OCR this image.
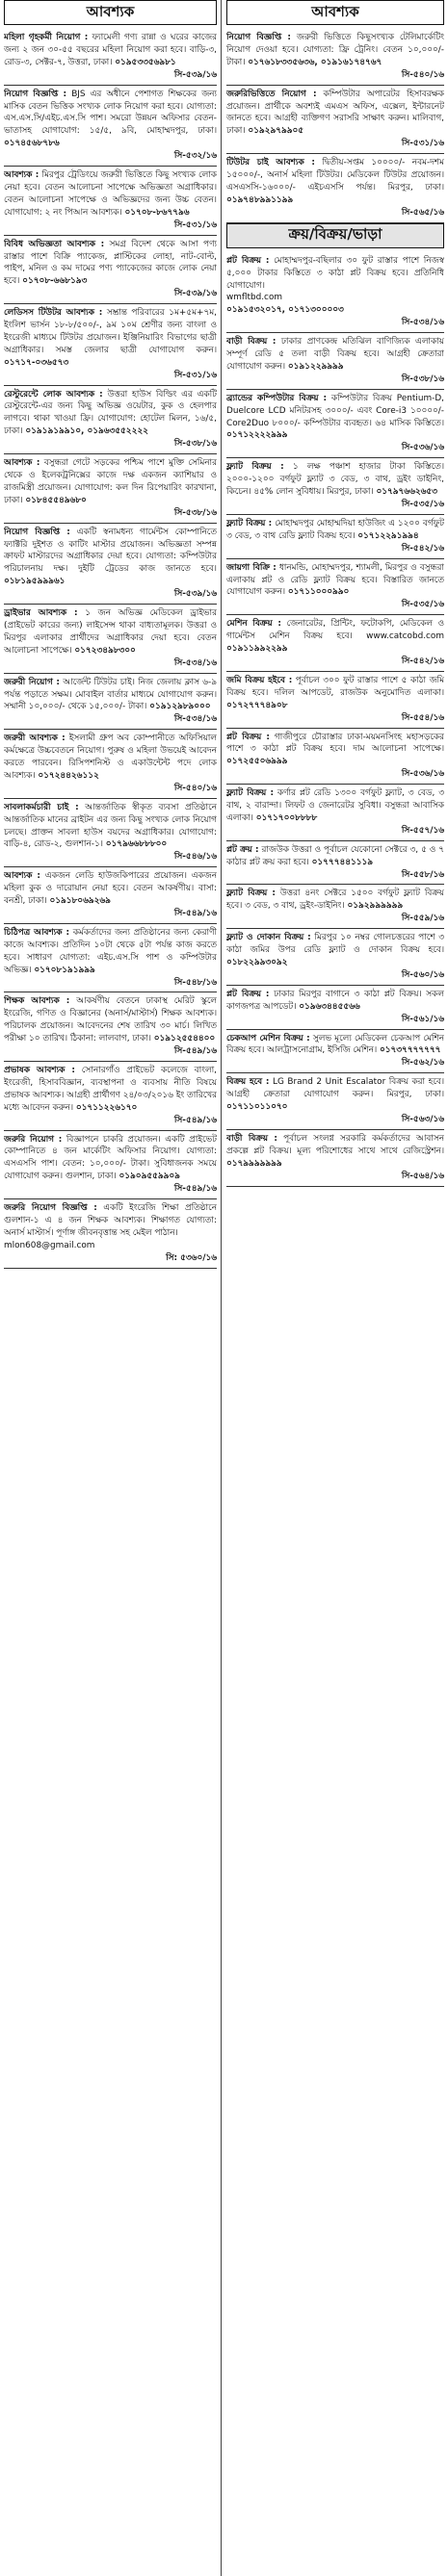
আবশ্যক
মহিলা গৃহকর্মী নিয়োগ : ফ্যামেলী গণ্য রান্না ও ঘরের কাজের জন্য ২ জন ৩০-৫৫ বছরের মহিলা নিয়োগ করা হবে। বাড়ি-৩, রোড-৩, সেক্টর-৭, উত্তরা, ঢাকা। ০১৯৫৩৩৫৬৯৮১
সি-৫৩৯/১৬
নিয়োগ বিজ্ঞপ্তি : BJS এর অধীনে পেশাগত শিক্ষকের জন্য মাসিক বেতন ভিত্তিক সংখ্যক লোক নিয়োগ করা হবে। যোগ্যতা: এস.এস.সি/এইচ.এস.সি পাশ। সমরো উন্নয়ন অফিসার বেতন-ভাতাসহ যোগাযোগ: ১৫/৫, ৯বি, মোহাম্মদপুর, ঢাকা। ০১৭৪৫৬৮৭৮৬
সি-৫৩২/১৬
আবশ্যক : মিরপুর ট্রেডিংয়ে জরুরী ভিত্তিতে কিছু সংখ্যক লোক নেয়া হবে। বেতন আলোচনা সাপেক্ষে অভিজ্ঞতা অগ্রাধিকার। বেতন আলোচনা সাপেক্ষে ও অভিজ্ঞদের জন্য উচ্চ বেতন। যোগাযোগ: ২ নং পিআন আবশ্যক। ০১৭০৮-৮৬৭৭৯৬
সি-৫৩১/১৬
বিবিধ অভিজ্ঞতা আবশ্যক : সমগ্র বিদেশ থেকে আসা পণ্য রাস্তার পাশে বিক্রি প্যাকেজ, প্লাস্টিকের লোহা, নাট-বোল্ট, পাইপ, মনিল ও কম দামের পণ্য প্যাকেজের কাজে লোক নেয়া হবে। ০১৭০৮-৬৬৮১৯৩
সি-৫৩৯/১৬
লেডিসস টিউটর আবশ্যক : সম্ভ্রান্ত পরিবারের ১ম+৫ম+৭ম, ইংলিশ ভার্সন ১৮-৮/৫০০/-, ৯ম ১০ম শ্রেণীর জন্য বাংলা ও ইংরেজী মাধ্যমে টিউটর প্রয়োজন। ইঞ্জিনিয়ারিং বিভাগের ছাত্রী অগ্রাধিকার। সমস্ত জেলার ছাত্রী যোগাযোগ করুন। ০১৭১৭-০৩৬৫৭৩
সি-৫৩১/১৬
রেস্টুরেন্টে লোক আবশ্যক : উত্তরা হাউস বিল্ডিং এর একটি রেস্টুরেন্টে-এর জন্য কিছু অভিজ্ঞ ওয়েটার, কুক ও হেলপার লাগবে। থাকা খাওয়া ফ্রি। যোগাযোগ: হোটেল মিলন, ১৬/৫, ঢাকা। ০১৯১৯১৯৯১০, ০১৯৬৩৫৫২২২২
সি-৫৩৮/১৬
আবশ্যক : বসুন্ধরা গেটে সড়কের পশ্চিম পাশে মুক্তি সেমিনার থেকে ও ইলেকট্রনিক্সের কাজে দক্ষ একজন ক্যাশিয়ার ও রাজমিস্ত্রী প্রয়োজন। যোগাযোগ: কল দিন রিপেয়ারিং কারখানা, ঢাকা। ০১৮৪৫৫৪৯৬৮০
সি-৫৩৮/১৬
নিয়োগ বিজ্ঞপ্তি : একটি স্বনামধন্য গার্মেন্টস কোম্পানিতে ফ্যাক্টরি দুইশত ও কাটিং মাস্টার প্রয়োজন। অভিজ্ঞতা সম্পন্ন ক্রাফট মাস্টারদের অগ্রাধিকার দেয়া হবে। যোগ্যতা: কম্পিউটার পরিচালনায় দক্ষ। দুইটি ট্রেডের কাজ জানতে হবে। ০১৮১৯৫৯৯৯৬১
সি-৫৩৯/১৬
ড্রাইভার আবশ্যক : ১ জন অভিজ্ঞ মেডিকেল ড্রাইভার (প্রাইভেট কারের জন্য) লাইসেন্স থাকা বাধ্যতামূলক। উত্তরা ও মিরপুর এলাকার প্রার্থীদের অগ্রাধিকার দেয়া হবে। বেতন আলোচনা সাপেক্ষে। ০১৭২৩৪৯৮৩০০
সি-৫৩৪/১৬
জরুরী নিয়োগ : আর্জেন্ট টিউটর চাই। নিজ জেলায় ক্লাস ৬-৯ পর্যন্ত পড়াতে সক্ষম। মোবাইল বার্তার মাধ্যমে যোগাযোগ করুন। সম্মানী ১০,০০০/- থেকে ১৫,০০০/- টাকা। ০১৯১২৯৮৯০০০
সি-৫৩৪/১৬
জরুরী আবশ্যক : ইসলামী গ্রুপ অব কোম্পানীতে অফিসিয়াল কর্মক্ষেত্রে উচ্চবেতনে নিয়োগ। পুরুষ ও মহিলা উভয়েই আবেদন করতে পারবেন। রিসিপশনিস্ট ও একাউন্টেন্ট পদে লোক আবশ্যক। ০১৭২৪৪২৬১১২
সি-৫৪০/১৬
সাবলাকর্মচারী চাই : আন্তর্জাতিক স্বীকৃত ব্যবসা প্রতিষ্ঠানে আন্তর্জাতিক মানের ব্রাইটন এর জন্য কিছু সংখ্যক লোক নিয়োগ চলছে। প্রাক্তন সাবলা হাউস বয়দের অগ্রাধিকার। যোগাযোগ: বাড়ি-৪, রোড-২, গুলশান-১। ০১৭৯৬৬৮৮৮০০
সি-৫৪৬/১৬
আবশ্যক : একজন লেডি হাউজকিপারের প্রয়োজন। একজন মহিলা কুক ও দারোয়ান নেয়া হবে। বেতন আকর্ষণীয়। বাসা: বনশ্রী, ঢাকা। ০১৯১৮০৬৯২৬৯
সি-৫৪৯/১৬
চিঠিপত্র আবশ্যক : কর্মকর্তাদের জন্য প্রতিষ্ঠানের জন্য কেরাণী কাজে আবশ্যক। প্রতিদিন ১০টা থেকে ৫টা পর্যন্ত কাজ করতে হবে। সাধারণ যোগ্যতা: এইচ.এস.সি পাশ ও কম্পিউটার অভিজ্ঞ। ০১৭০৮১৯১৯৯৯
সি-৫৪৮/১৬
শিক্ষক আবশ্যক : আকর্ষণীয় বেতনে ঢাকাস্থ মেরিট স্কুলে ইংরেজি, গণিত ও বিজ্ঞানের (অনার্স/মাস্টার্স) শিক্ষক আবশ্যক। পরিচালক প্রয়োজন। আবেদনের শেষ তারিখ ৩০ মার্চ। লিখিত পরীক্ষা ১০ তারিখ। ঠিকানা: লালবাগ, ঢাকা। ০১৯১২৫৫৪৪০০
সি-৫৪৯/১৬
প্রভাষক আবশ্যক : সোনারগাঁও প্রাইভেট কলেজে বাংলা, ইংরেজী, হিসাববিজ্ঞান, ব্যবস্থাপনা ও ব্যবসায় নীতি বিষয়ে প্রভাষক আবশ্যক। আগ্রহী প্রার্থীগণ ২৪/০৩/২০১৬ ইং তারিখের মধ্যে আবেদন করুন। ০১৭১১২২৬১৭০
সি-৫৪৯/১৬
জরুরি নিয়োগ : বিজ্ঞাপনে চাকরি প্রয়োজন। একটি প্রাইভেট কোম্পানিতে ৪ জন মার্কেটিং অফিসার নিয়োগ। যোগ্যতা: এসএসসি পাশ। বেতন: ১০,০০০/- টাকা। সুবিধাজনক সময়ে যোগাযোগ করুন। গুলশান, ঢাকা। ০১৯০৯৫৫৯৯০৯
সি-৫৪৯/১৬
জরুরি নিয়োগ বিজ্ঞপ্তি : একটি ইংরেজি শিক্ষা প্রতিষ্ঠানে গুলশান-১ এ ৪ জন শিক্ষক আবশ্যক। শিক্ষাগত যোগ্যতা: অনার্স মাস্টার্স। পূর্ণাঙ্গ জীবনবৃত্তান্ত সহ মেইল পাঠান।
mlon608@gmail.com
সি: ৫৩৬০/১৬
আবশ্যক
নিয়োগ বিজ্ঞপ্তি : জরুরী ভিত্তিতে কিছুসংখ্যক টেলিমার্কেটিং নিয়োগ দেওয়া হবে। যোগ্যতা: ফ্রি ট্রেনিং। বেতন ১০,০০০/- টাকা। ০১৭৬১৮৩৩৫৬৩৬, ০১৯১৬১৭৪৭৬৭
সি-৫৪০/১৬
জরুরিভিত্তিতে নিয়োগ : কম্পিউটার অপারেটর হিসাবরক্ষক প্রয়োজন। প্রার্থীকে অবশ্যই এমএস অফিস, এক্সেল, ইন্টারনেট জানতে হবে। আগ্রহী ব্যক্তিগণ সরাসরি সাক্ষাৎ করুন। মালিবাগ, ঢাকা। ০১৯২৯৭৯৯০৫
সি-৫৩১/১৬
টিউটর চাই আবশ্যক : দ্বিতীয়-সপ্তম ১০০০০/- নবম-দশম ১৫০০০/-, অনার্স মহিলা টিউটর। মেডিকেল টিউটর প্রয়োজন। এসএসসি-১৬০০০/- এইচএসসি পর্যন্ত। মিরপুর, ঢাকা। ০১৯৭৪৮৯৯১১৯৯
সি-৫৬৫/১৬
ক্রয়/বিক্রয়/ভাড়া
প্লট বিক্রয় : মোহাম্মদপুর-বছিলার ৩০ ফুট রাস্তার পাশে নিজস্ব ৫,০০০ টাকার কিস্তিতে ৩ কাঠা প্লট বিক্রয় হবে। প্রতিনিধি যোগাযোগ।
wmfltbd.com
০১৯১৫৩২০১৭, ০১৭১৩০০০০৩
সি-৫৩৪/১৬
বাড়ী বিক্রয় : ঢাকার প্রাণকেন্দ্র মতিঝিল বাণিজ্যিক এলাকায় সম্পূর্ণ রেডি ৫ তলা বাড়ী বিক্রয় হবে। আগ্রহী ক্রেতারা যোগাযোগ করুন। ০১৯১২২৯৯৯৯
সি-৫৩৮/১৬
ব্র্যান্ডের কম্পিউটার বিক্রয় : কম্পিউটার বিক্রয় Pentium-D, Duelcore LCD মনিটরসহ ৩০০০/- এবং Core-i3 ১০০০০/- Core2Duo ৮০০০/- কম্পিউটার ব্যবহৃত। ৬৪ মাসিক কিস্তিতে। ০১৭১২২২২৯৯৯
সি-৫৩৬/১৬
ফ্ল্যাট বিক্রয় : ১ লক্ষ পঞ্চাশ হাজার টাকা কিস্তিতে। ২০০০-১২০০ বর্গফুট ফ্ল্যাট ৩ বেড, ৩ বাথ, ড্রইং ডাইনিং, কিচেন। ৪৫% লোন সুবিধায়। মিরপুর, ঢাকা। ০১৭৯৭৬৬২৬৫৩
সি-৫৩৫/১৬
ফ্ল্যাট বিক্রয় : মোহাম্মদপুর মোহাম্মদিয়া হাউজিং এ ১২০০ বর্গফুট ৩ বেড, ৩ বাথ রেডি ফ্ল্যাট বিক্রয় হবে। ০১৭১২২৯১৯৯৪
সি-৫৪২/১৬
জায়গা বিক্রি : ধানমন্ডি, মোহাম্মদপুর, শ্যামলী, মিরপুর ও বসুন্ধরা এলাকায় প্লট ও রেডি ফ্ল্যাট বিক্রয় হবে। বিস্তারিত জানতে যোগাযোগ করুন। ০১৭১১০০০৯৯০
সি-৫৩৫/১৬
মেশিন বিক্রয় : জেনারেটর, প্রিন্টিং, ফটোকপি, মেডিকেল ও গার্মেন্টস মেশিন বিক্রয় হবে। www.catcobd.com ০১৯১১৯৯২২৯৯
সি-৫৪২/১৬
জমি বিক্রয় হইবে : পূর্বাচল ৩০০ ফুট রাস্তার পাশে ৫ কাঠা জমি বিক্রয় হবে। দলিল আপডেট, রাজউক অনুমোদিত এলাকা। ০১৭২৭৭৭৪৯০৮
সি-৫৫৪/১৬
প্লট বিক্রয় : গাজীপুরে চৌরাস্তার ঢাকা-ময়মনসিংহ মহাসড়কের পাশে ৩ কাঠা প্লট বিক্রয় হবে। দাম আলোচনা সাপেক্ষে। ০১৭২৫৫০৬৯৯৯
সি-৫৩৬/১৬
ফ্ল্যাট বিক্রয় : কর্ণার প্লট রেডি ১৩০০ বর্গফুট ফ্ল্যাট, ৩ বেড, ৩ বাথ, ২ বারান্দা। লিফট ও জেনারেটর সুবিধা। বসুন্ধরা আবাসিক এলাকা। ০১৭১৭০০৮৮৮৮
সি-৫৫৭/১৬
প্লট ক্রয় : রাজউক উত্তরা ও পূর্বাচল যেকোনো সেক্টরে ৩, ৫ ও ৭ কাঠার প্লট ক্রয় করা হবে। ০১৭৭৭৪৪১১১৯
সি-৫৫৮/১৬
ফ্ল্যাট বিক্রয় : উত্তরা ৪নং সেক্টরে ১৫০০ বর্গফুট ফ্ল্যাট বিক্রয় হবে। ৩ বেড, ৩ বাথ, ড্রইং-ডাইনিং। ০১৯২৯৯৯৯৯৯
সি-৫৫৯/১৬
ফ্ল্যাট ও দোকান বিক্রয় : মিরপুর ১০ নম্বর গোলচত্তরের পাশে ৩ কাঠা জমির উপর রেডি ফ্ল্যাট ও দোকান বিক্রয় হবে। ০১৮২২৯৯৩০৯২
সি-৫৬০/১৬
প্লট বিক্রয় : ঢাকার মিরপুর বাগানে ৩ কাঠা প্লট বিক্রয়। সকল কাগজপত্র আপডেট। ০১৯৬৩৪৪৫৫৬৬
সি-৫৬১/১৬
চেকআপ মেশিন বিক্রয় : সুলভ মূল্যে মেডিকেল চেকআপ মেশিন বিক্রয় হবে। আলট্রাসনোগ্রাম, ইসিজি মেশিন। ০১৭৩৭৭৭৭৭৭৭
সি-৫৬২/১৬
বিক্রয় হবে : LG Brand 2 Unit Escalator বিক্রয় করা হবে। আগ্রহী ক্রেতারা যোগাযোগ করুন। মিরপুর, ঢাকা। ০১৭১১০১১০৭০
সি-৫৬৩/১৬
বাড়ী বিক্রয় : পূর্বাচল সংলগ্ন সরকারি কর্মকর্তাদের আবাসন প্রকল্পে প্লট বিক্রয়। মূল্য পরিশোধের সাথে সাথে রেজিস্ট্রেশন। ০১৭৯৯৯৯৯৯৯
সি-৫৬৪/১৬
